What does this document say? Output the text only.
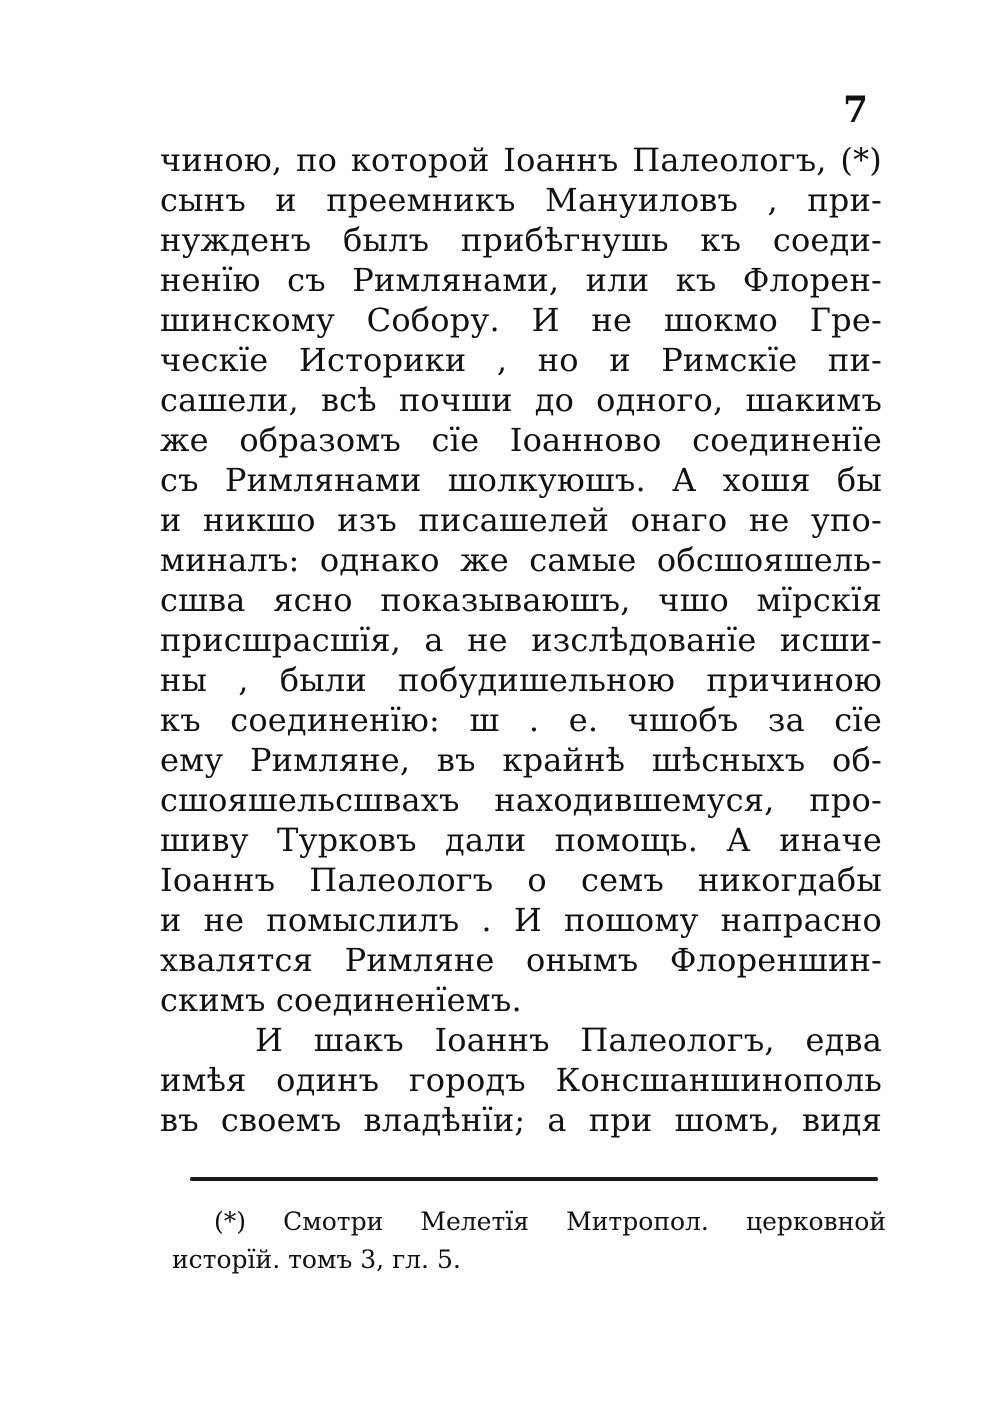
7
чиною, по которой Іоаннъ Палеологъ, (*)
сынъ и преемникъ Мануиловъ , при-
нужденъ былъ прибѣгнушь къ соеди-
ненїю съ Римлянами, или къ Флорен-
шинскому Собору. И не шокмо Гре-
ческїе Историки , но и Римскїе пи-
сашели, всѣ почши до одного, шакимъ
же образомъ сїе Іоанново соединенїе
съ Римлянами шолкуюшъ. А хошя бы
и никшо изъ писашелей онаго не упо-
миналъ: однако же самые обсшояшель-
сшва ясно показываюшъ, чшо мїрскїя
присшрасшїя, а не изслѣдованїе исши-
ны , были побудишельною причиною
къ соединенїю: ш . е. чшобъ за сїе
ему Римляне, въ крайнѣ шѣсныхъ об-
сшояшельсшвахъ находившемуся, про-
шиву Турковъ дали помощь. А иначе
Іоаннъ Палеологъ о семъ никогдабы
и не помыслилъ . И пошому напрасно
хвалятся Римляне онымъ Флореншин-
скимъ соединенїемъ.
И шакъ Іоаннъ Палеологъ, едва
имѣя одинъ городъ Консшаншинополь
въ своемъ владѣнїи; а при шомъ, видя
(*) Смотри Мелетїя Митропол. церковной
исторїй. томъ 3, гл. 5.
